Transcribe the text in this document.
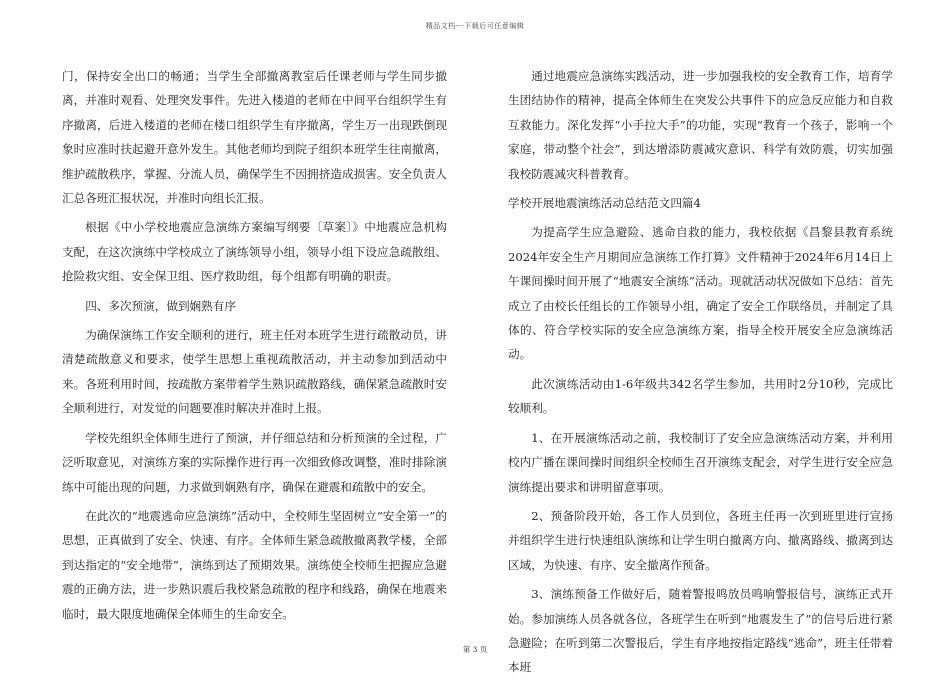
精品文档---下载后可任意编辑

门，保持安全出口的畅通；当学生全部撤离教室后任课老师与学生同步撤离，并准时观看、处理突发事件。先进入楼道的老师在中间平台组织学生有序撤离，后进入楼道的老师在楼口组织学生有序撤离，学生万一出现跌倒现象时应准时扶起避开意外发生。其他老师均到院子组织本班学生往南撤离，维护疏散秩序，掌握、分流人员，确保学生不因拥挤造成损害。安全负责人汇总各班汇报状况，并准时向组长汇报。

根据《中小学校地震应急演练方案编写纲要〔草案〕》中地震应急机构支配，在这次演练中学校成立了演练领导小组，领导小组下设应急疏散组、抢险救灾组、安全保卫组、医疗救助组，每个组都有明确的职责。

四、多次预演，做到娴熟有序

为确保演练工作安全顺利的进行，班主任对本班学生进行疏散动员，讲清楚疏散意义和要求，使学生思想上重视疏散活动，并主动参加到活动中来。各班利用时间，按疏散方案带着学生熟识疏散路线，确保紧急疏散时安全顺利进行，对发觉的问题要准时解决并准时上报。

学校先组织全体师生进行了预演，并仔细总结和分析预演的全过程，广泛听取意见，对演练方案的实际操作进行再一次细致修改调整，准时排除演练中可能出现的问题，力求做到娴熟有序，确保在避震和疏散中的安全。

在此次的“地震逃命应急演练”活动中，全校师生坚固树立“安全第一”的思想，正真做到了安全、快速、有序。全体师生紧急疏散撤离教学楼，全部到达指定的“安全地带”，演练到达了预期效果。演练使全校师生把握应急避震的正确方法，进一步熟识震后我校紧急疏散的程序和线路，确保在地震来临时，最大限度地确保全体师生的生命安全。

通过地震应急演练实践活动，进一步加强我校的安全教育工作，培育学生团结协作的精神，提高全体师生在突发公共事件下的应急反应能力和自救互救能力。深化发挥“小手拉大手”的功能，实现“教育一个孩子，影响一个家庭，带动整个社会”，到达增添防震减灾意识、科学有效防震，切实加强我校防震减灾科普教育。

学校开展地震演练活动总结范文四篇4

为提高学生应急避险、逃命自救的能力，我校依据《昌黎县教育系统2024年安全生产月期间应急演练工作打算》文件精神于2024年6月14日上午课间操时间开展了“地震安全演练”活动。现就活动状况做如下总结：首先成立了由校长任组长的工作领导小组，确定了安全工作联络员，并制定了具体的、符合学校实际的安全应急演练方案，指导全校开展安全应急演练活动。

此次演练活动由1-6年级共342名学生参加，共用时2分10秒，完成比较顺利。

1、在开展演练活动之前，我校制订了安全应急演练活动方案，并利用校内广播在课间操时间组织全校师生召开演练支配会，对学生进行安全应急演练提出要求和讲明留意事项。

2、预备阶段开始，各工作人员到位，各班主任再一次到班里进行宣扬并组织学生进行快速组队演练和让学生明白撤离方向、撤离路线、撤离到达区域，为快速、有序、安全撤离作预备。

3、演练预备工作做好后，随着警报鸣放员鸣响警报信号，演练正式开始。参加演练人员各就各位，各班学生在听到“地震发生了”的信号后进行紧急避险；在听到第二次警报后，学生有序地按指定路线“逃命”，班主任带着本班

第 3 页
